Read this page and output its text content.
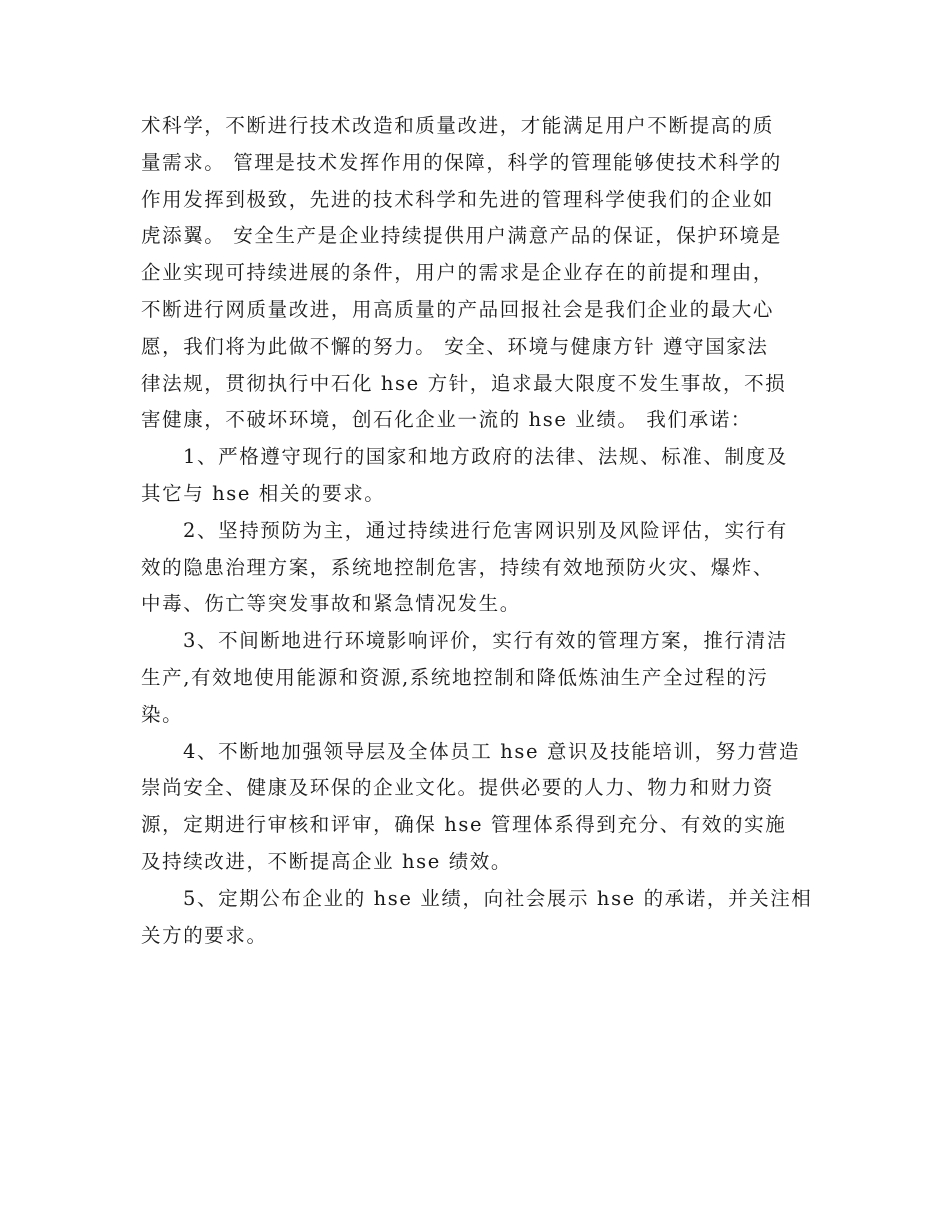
术科学，不断进行技术改造和质量改进，才能满足用户不断提高的质
量需求。 管理是技术发挥作用的保障，科学的管理能够使技术科学的
作用发挥到极致，先进的技术科学和先进的管理科学使我们的企业如
虎添翼。 安全生产是企业持续提供用户满意产品的保证，保护环境是
企业实现可持续进展的条件，用户的需求是企业存在的前提和理由，
不断进行网质量改进，用高质量的产品回报社会是我们企业的最大心
愿，我们将为此做不懈的努力。 安全、环境与健康方针 遵守国家法
律法规，贯彻执行中石化 hse 方针，追求最大限度不发生事故，不损
害健康，不破坏环境，创石化企业一流的 hse 业绩。 我们承诺：
1、严格遵守现行的国家和地方政府的法律、法规、标准、制度及
其它与 hse 相关的要求。
2、坚持预防为主，通过持续进行危害网识别及风险评估，实行有
效的隐患治理方案，系统地控制危害，持续有效地预防火灾、爆炸、
中毒、伤亡等突发事故和紧急情况发生。
3、不间断地进行环境影响评价，实行有效的管理方案，推行清洁
生产,有效地使用能源和资源,系统地控制和降低炼油生产全过程的污
染。
4、不断地加强领导层及全体员工 hse 意识及技能培训，努力营造
崇尚安全、健康及环保的企业文化。提供必要的人力、物力和财力资
源，定期进行审核和评审，确保 hse 管理体系得到充分、有效的实施
及持续改进，不断提高企业 hse 绩效。
5、定期公布企业的 hse 业绩，向社会展示 hse 的承诺，并关注相
关方的要求。
